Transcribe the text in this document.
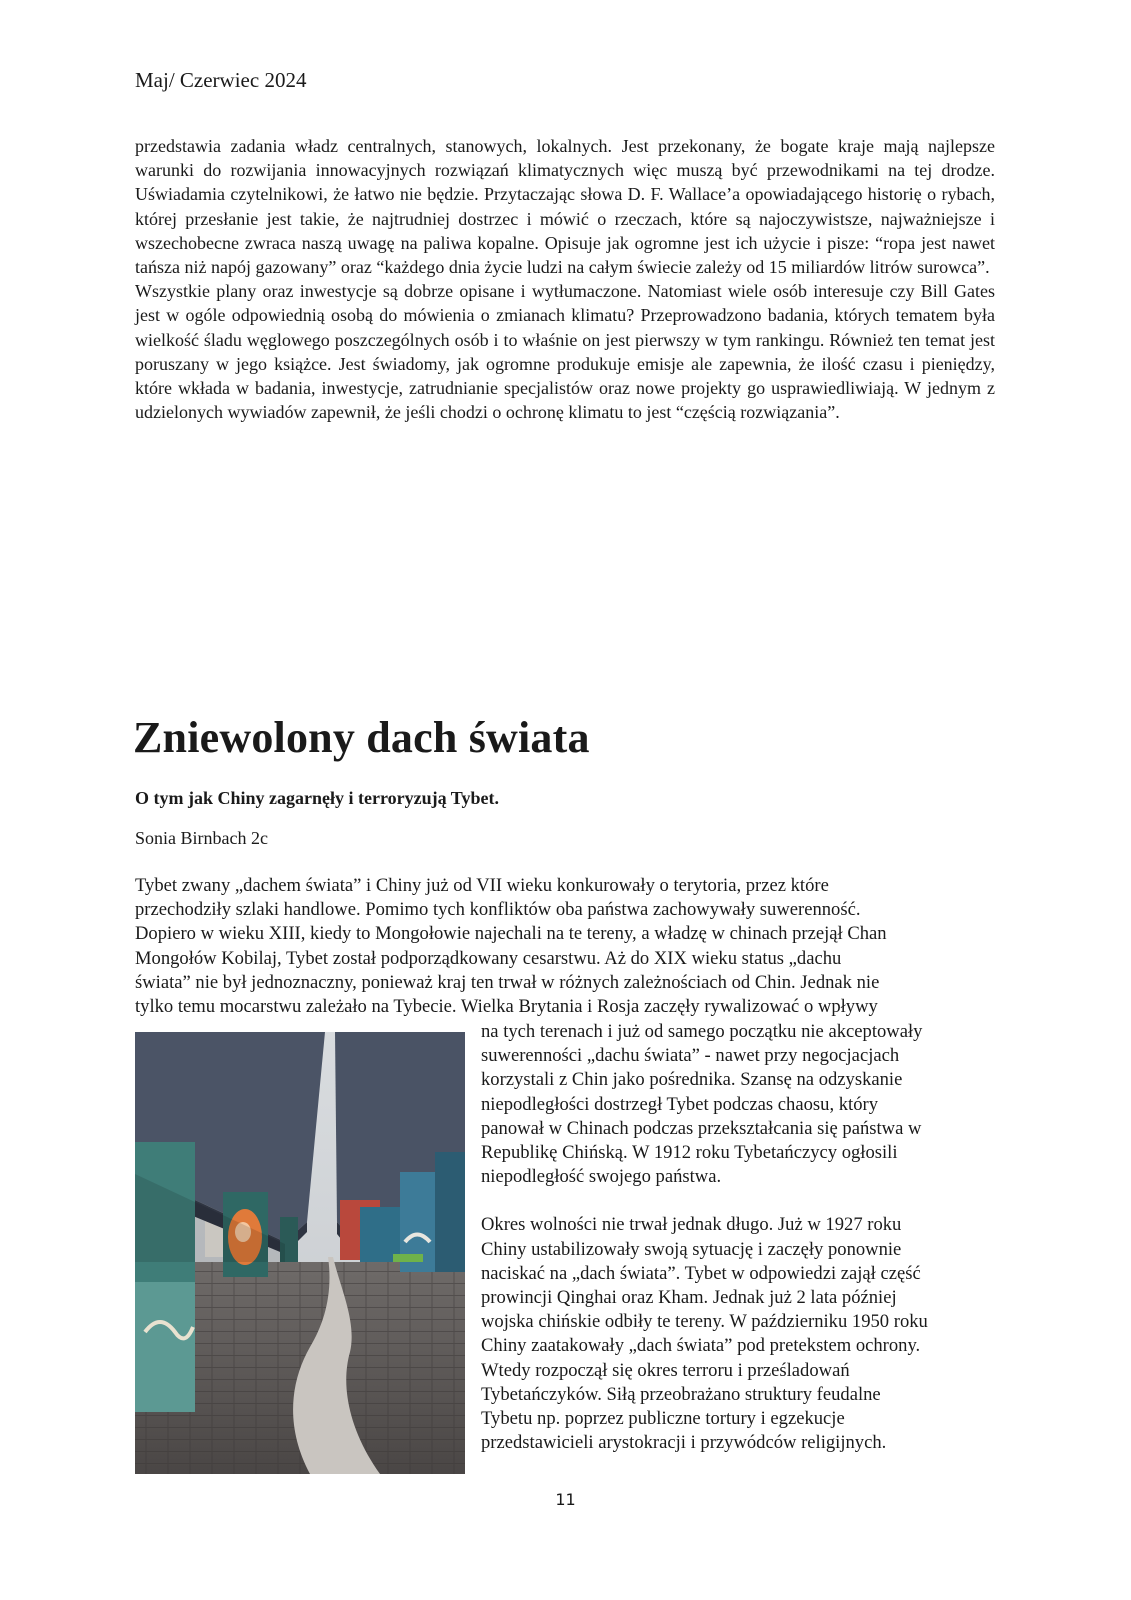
Maj/ Czerwiec 2024

przedstawia zadania władz centralnych, stanowych, lokalnych. Jest przekonany, że bogate kraje mają najlepsze warunki do rozwijania innowacyjnych rozwiązań klimatycznych więc muszą być przewodnikami na tej drodze. Uświadamia czytelnikowi, że łatwo nie będzie. Przytaczając słowa D. F. Wallace’a opowiadającego historię o rybach, której przesłanie jest takie, że najtrudniej dostrzec i mówić o rzeczach, które są najoczywistsze, najważniejsze i wszechobecne zwraca naszą uwagę na paliwa kopalne. Opisuje jak ogromne jest ich użycie i pisze: “ropa jest nawet tańsza niż napój gazowany” oraz “każdego dnia życie ludzi na całym świecie zależy od 15 miliardów litrów surowca”.

Wszystkie plany oraz inwestycje są dobrze opisane i wytłumaczone. Natomiast wiele osób interesuje czy Bill Gates jest w ogóle odpowiednią osobą do mówienia o zmianach klimatu? Przeprowadzono badania, których tematem była wielkość śladu węglowego poszczególnych osób i to właśnie on jest pierwszy w tym rankingu. Również ten temat jest poruszany w jego książce. Jest świadomy, jak ogromne produkuje emisje ale zapewnia, że ilość czasu i pieniędzy, które wkłada w badania, inwestycje, zatrudnianie specjalistów oraz nowe projekty go usprawiedliwiają. W jednym z udzielonych wywiadów zapewnił, że jeśli chodzi o ochronę klimatu to jest “częścią rozwiązania”.

Zniewolony dach świata
O tym jak Chiny zagarnęły i terroryzują Tybet.
Sonia Birnbach 2c

Tybet zwany „dachem świata” i Chiny już od VII wieku konkurowały o terytoria, przez które
przechodziły szlaki handlowe. Pomimo tych konfliktów oba państwa zachowywały suwerenność.
Dopiero w wieku XIII, kiedy to Mongołowie najechali na te tereny, a władzę w chinach przejął Chan
Mongołów Kobilaj, Tybet został podporządkowany cesarstwu. Aż do XIX wieku status „dachu
świata” nie był jednoznaczny, ponieważ kraj ten trwał w różnych zależnościach od Chin. Jednak nie
tylko temu mocarstwu zależało na Tybecie. Wielka Brytania i Rosja zaczęły rywalizować o wpływy

na tych terenach i już od samego początku nie akceptowały
suwerenności „dachu świata” - nawet przy negocjacjach
korzystali z Chin jako pośrednika. Szansę na odzyskanie
niepodległości dostrzegł Tybet podczas chaosu, który
panował w Chinach podczas przekształcania się państwa w
Republikę Chińską. W 1912 roku Tybetańczycy ogłosili
niepodległość swojego państwa.

Okres wolności nie trwał jednak długo. Już w 1927 roku
Chiny ustabilizowały swoją sytuację i zaczęły ponownie
naciskać na „dach świata”. Tybet w odpowiedzi zajął część
prowincji Qinghai oraz Kham. Jednak już 2 lata później
wojska chińskie odbiły te tereny. W październiku 1950 roku
Chiny zaatakowały „dach świata” pod pretekstem ochrony.
Wtedy rozpoczął się okres terroru i prześladowań
Tybetańczyków. Siłą przeobrażano struktury feudalne
Tybetu np. poprzez publiczne tortury i egzekucje
przedstawicieli arystokracji i przywódców religijnych.

11
